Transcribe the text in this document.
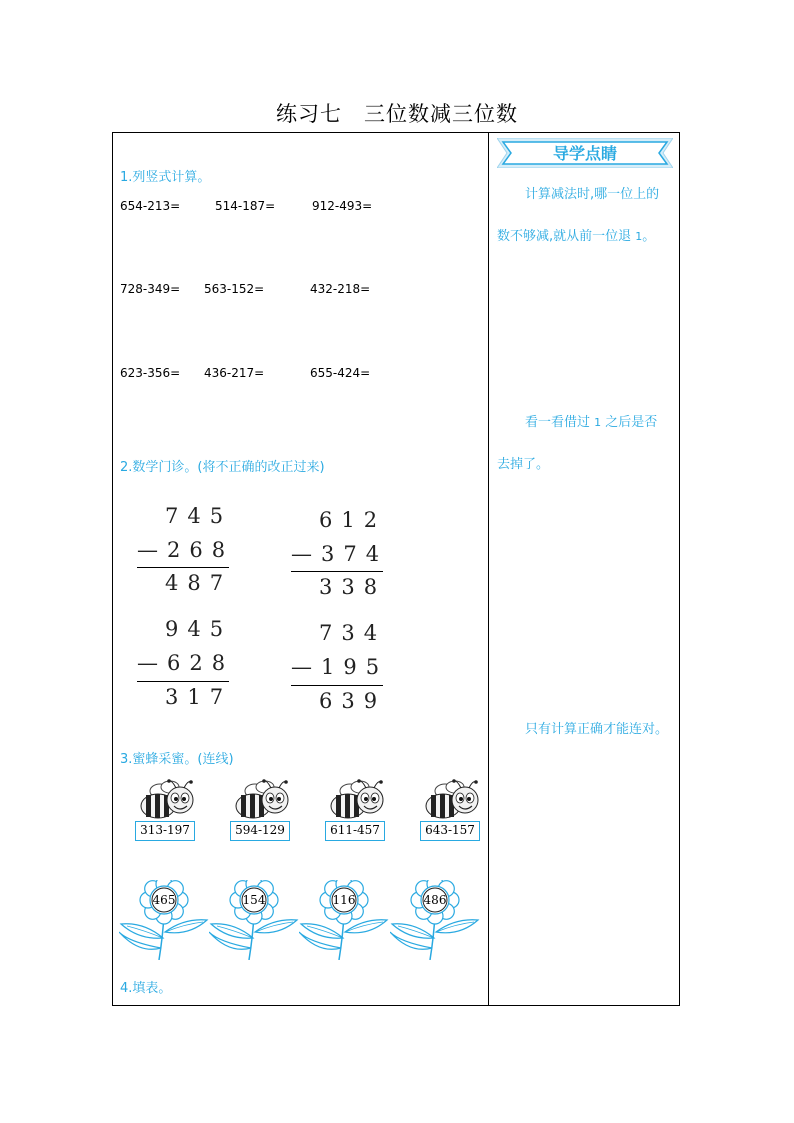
练习七　三位数减三位数
1.列竖式计算。
654-213=	514-187=	912-493=
728-349= 563-152=	432-218=
623-356= 436-217=	655-424=
2.数学门诊。(将不正确的改正过来)
745
—268
487
612
—374
338
945
—628
317
734
—195
639
3.蜜蜂采蜜。(连线)
313-197	594-129	611-457	643-157
465	154	116	486
4.填表。
导学点睛
计算减法时,哪一位上的
数不够减,就从前一位退 1。
看一看借过 1 之后是否
去掉了。
只有计算正确才能连对。
